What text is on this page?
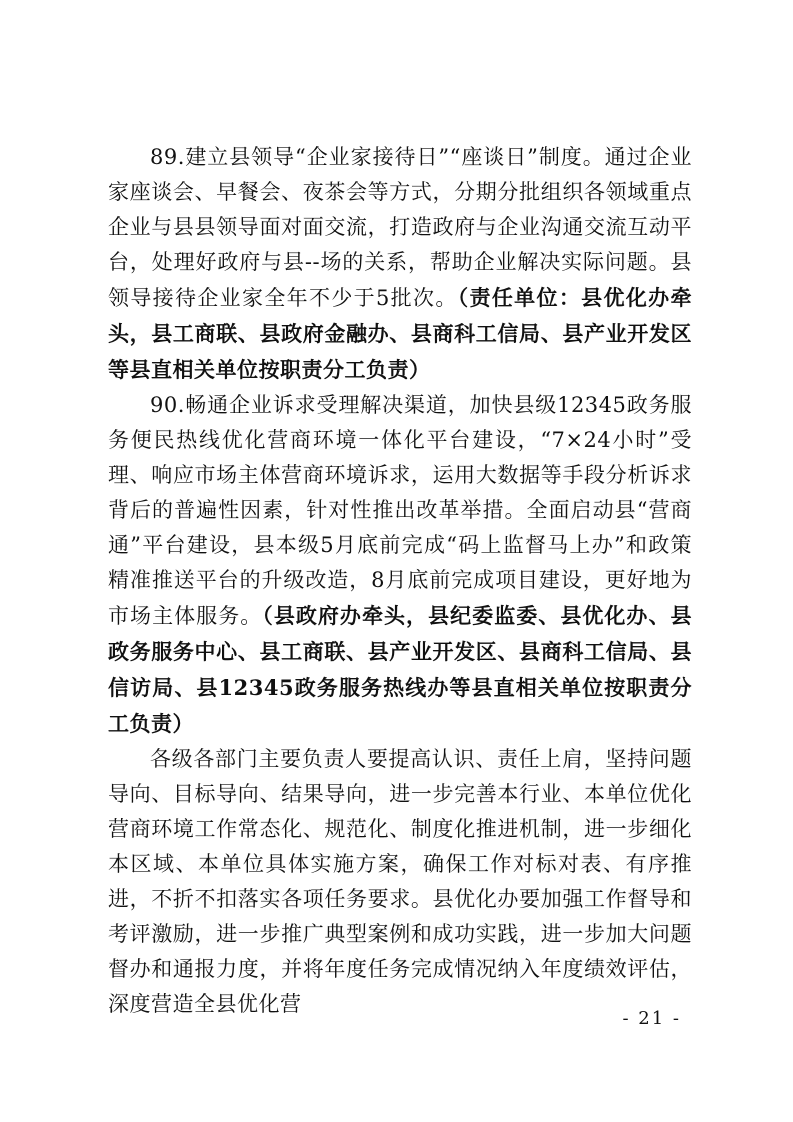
89.建立县领导“企业家接待日”“座谈日”制度。通过企业家座谈会、早餐会、夜茶会等方式，分期分批组织各领域重点企业与县县领导面对面交流，打造政府与企业沟通交流互动平台，处理好政府与县--场的关系，帮助企业解决实际问题。县领导接待企业家全年不少于5批次。（责任单位：县优化办牵头，县工商联、县政府金融办、县商科工信局、县产业开发区等县直相关单位按职责分工负责）

90.畅通企业诉求受理解决渠道，加快县级12345政务服务便民热线优化营商环境一体化平台建设，“7×24小时”受理、响应市场主体营商环境诉求，运用大数据等手段分析诉求背后的普遍性因素，针对性推出改革举措。全面启动县“营商通”平台建设，县本级5月底前完成“码上监督马上办”和政策精准推送平台的升级改造，8月底前完成项目建设，更好地为市场主体服务。（县政府办牵头，县纪委监委、县优化办、县政务服务中心、县工商联、县产业开发区、县商科工信局、县信访局、县12345政务服务热线办等县直相关单位按职责分工负责）

各级各部门主要负责人要提高认识、责任上肩，坚持问题导向、目标导向、结果导向，进一步完善本行业、本单位优化营商环境工作常态化、规范化、制度化推进机制，进一步细化本区域、本单位具体实施方案，确保工作对标对表、有序推进，不折不扣落实各项任务要求。县优化办要加强工作督导和考评激励，进一步推广典型案例和成功实践，进一步加大问题督办和通报力度，并将年度任务完成情况纳入年度绩效评估，深度营造全县优化营

- 21 -
